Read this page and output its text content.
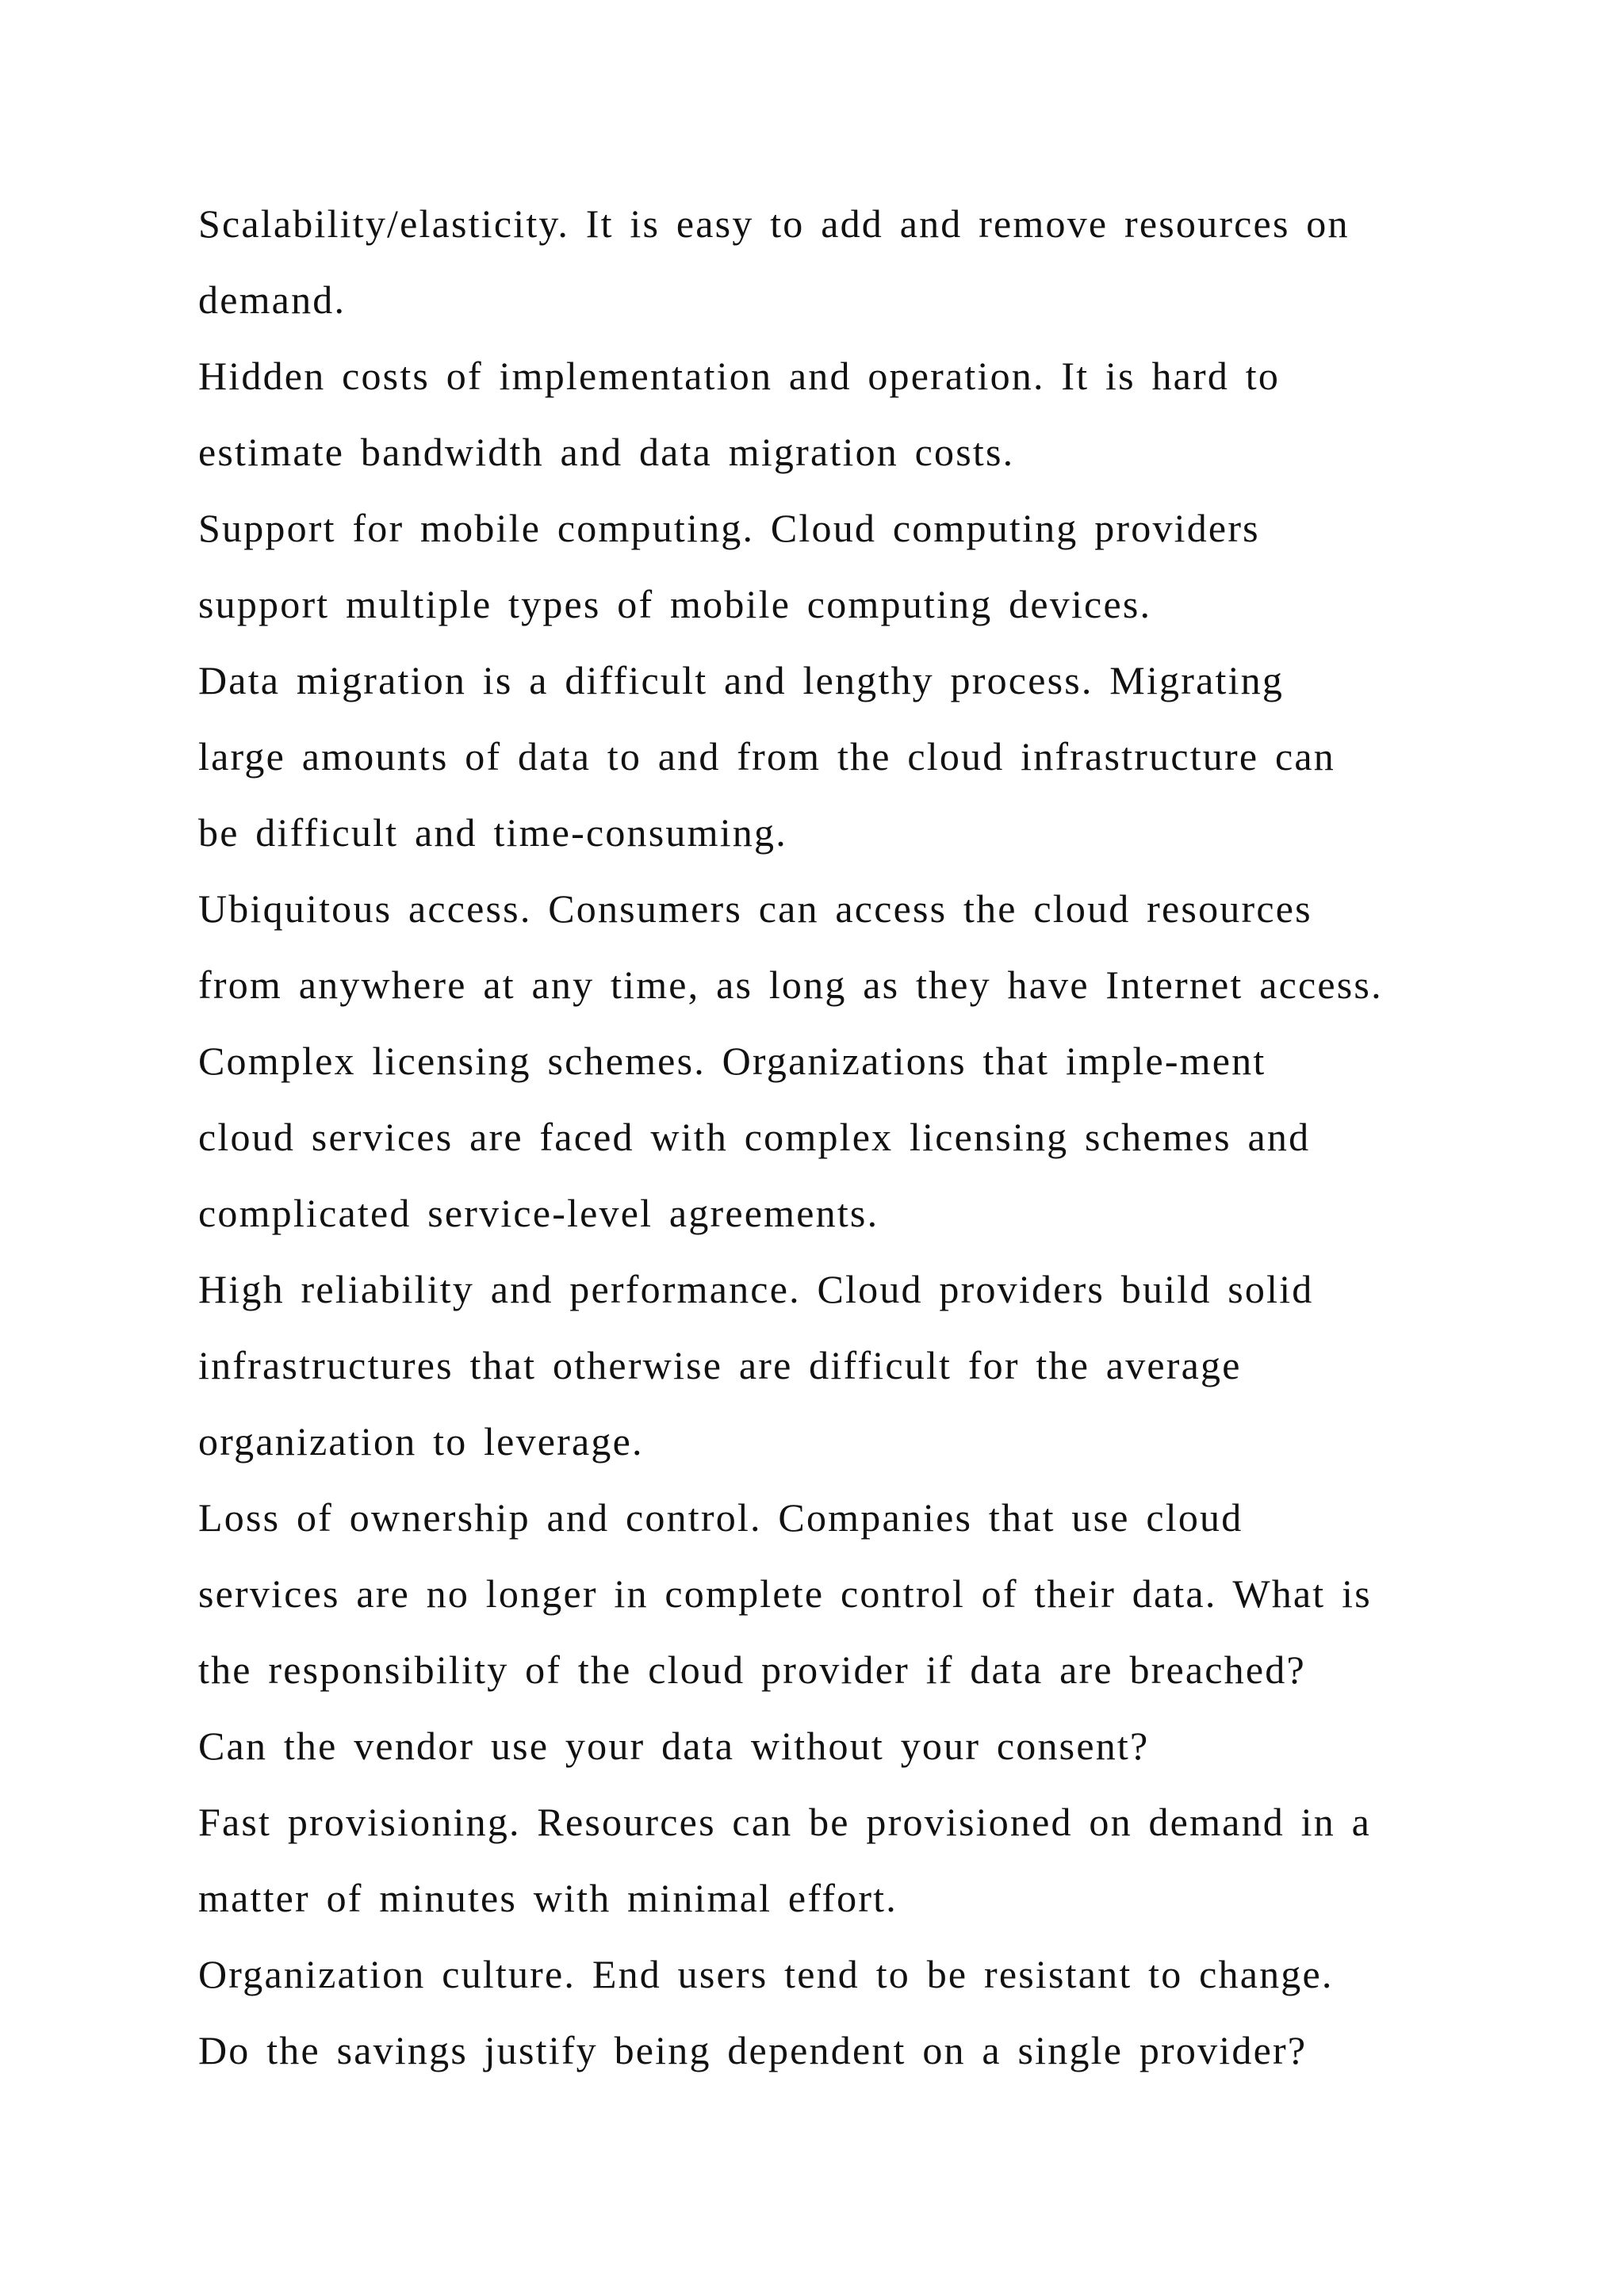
Scalability/elasticity. It is easy to add and remove resources on
demand.
Hidden costs of implementation and operation. It is hard to
estimate bandwidth and data migration costs.
Support for mobile computing. Cloud computing providers
support multiple types of mobile computing devices.
Data migration is a difficult and lengthy process. Migrating
large amounts of data to and from the cloud infrastructure can
be difficult and time-consuming.
Ubiquitous access. Consumers can access the cloud resources
from anywhere at any time, as long as they have Internet access.
Complex licensing schemes. Organizations that imple-ment
cloud services are faced with complex licensing schemes and
complicated service-level agreements.
High reliability and performance. Cloud providers build solid
infrastructures that otherwise are difficult for the average
organization to leverage.
Loss of ownership and control. Companies that use cloud
services are no longer in complete control of their data. What is
the responsibility of the cloud provider if data are breached?
Can the vendor use your data without your consent?
Fast provisioning. Resources can be provisioned on demand in a
matter of minutes with minimal effort.
Organization culture. End users tend to be resistant to change.
Do the savings justify being dependent on a single provider?
